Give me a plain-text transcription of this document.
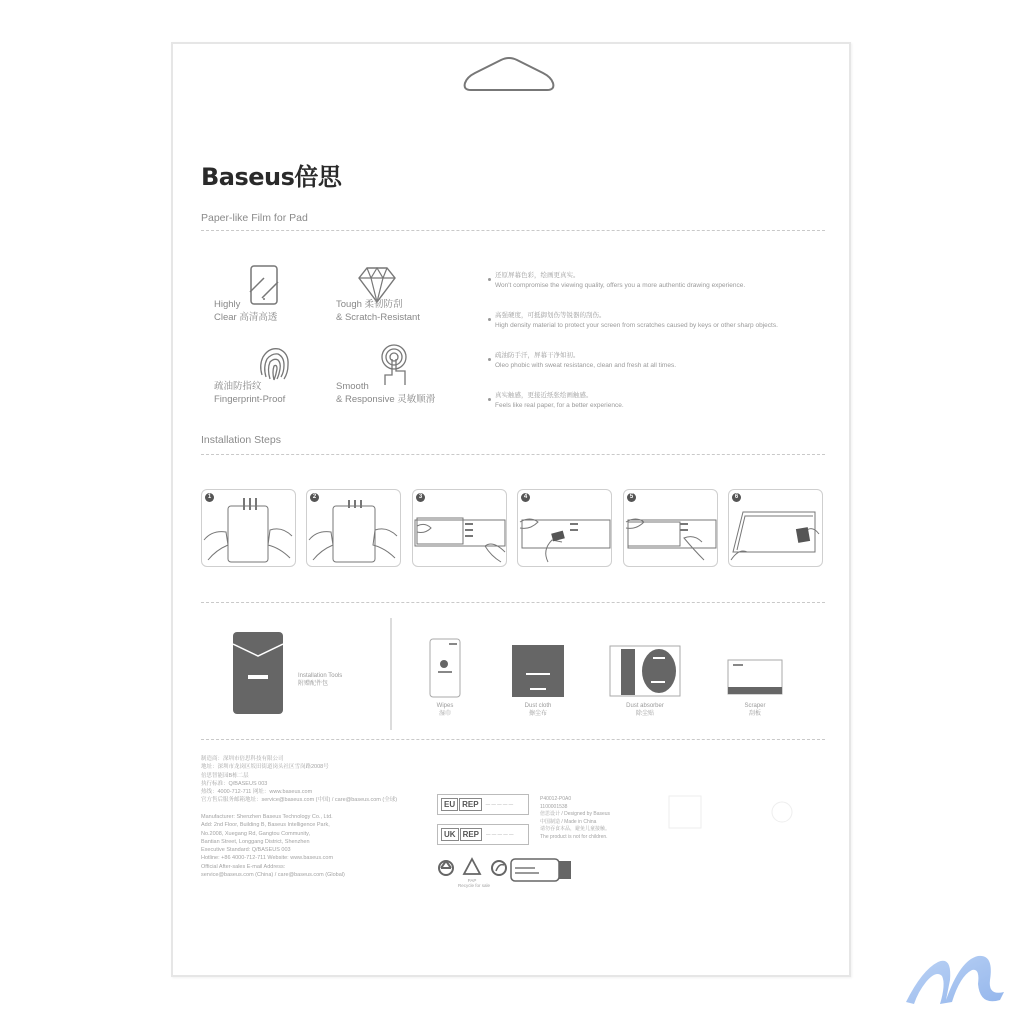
Baseus倍思
Paper-like Film for Pad
Highly
Clear 高清高透
Tough 柔韧防刮
& Scratch-Resistant
疏油防指纹
Fingerprint-Proof
Smooth
& Responsive 灵敏顺滑
还原屏幕色彩，绘画更真实。
Won't compromise the viewing quality, offers you a more authentic drawing experience.
高强硬度，可抵御划伤等锐器的刮伤。
High density material to protect your screen from scratches caused by keys or other sharp objects.
疏油防手汗，屏幕干净如初。
Oleo phobic with sweat resistance, clean and fresh at all times.
真实触感，更接近纸张绘画触感。
Feels like real paper, for a better experience.
Installation Steps
1	2	3	4	5	6
Installation Tools
附赠配件包
Wipes
湿巾
Dust cloth
擦尘布
Dust absorber
除尘贴
Scraper
刮板
制造商：深圳市倍思科技有限公司
地址：深圳市龙岗区坂田街道岗头社区雪岗路2008号
倍思智能园B栋二层
执行标准：Q/BASEUS 003
热线：4000-712-711 网址：www.baseus.com
官方售后服务邮箱地址：service@baseus.com (中国) / care@baseus.com (全球)
Manufacturer: Shenzhen Baseus Technology Co., Ltd.
Add: 2nd Floor, Building B, Baseus Intelligence Park,
No.2008, Xuegang Rd, Gangtou Community,
Bantian Street, Longgang District, Shenzhen
Executive Standard: Q/BASEUS 003
Hotline: +86 4000-712-711 Website: www.baseus.com
Official After-sales E-mail Address:
service@baseus.com (China) / care@baseus.com (Global)
EU REP	— — — — —
UK REP	— — — — —
P40012-P0A0
1100001538
倍思设计 / Designed by Baseus
中国制造 / Made in China
请勿吞食本品，避免儿童接触。
The product is not for children.
PAP
Recycle for sale
